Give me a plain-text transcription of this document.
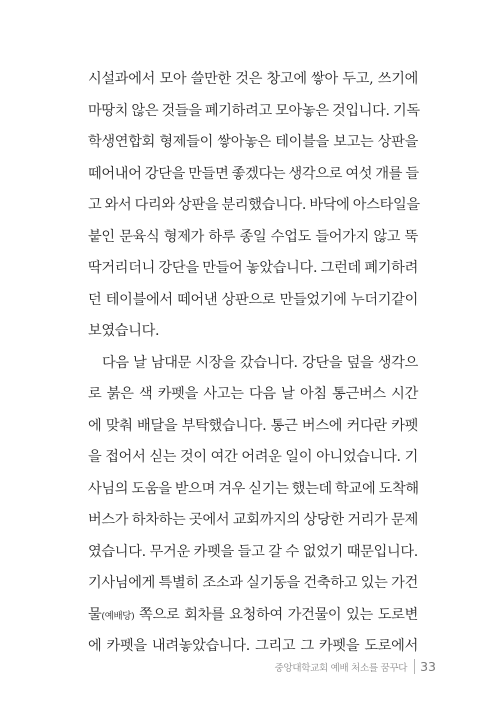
시설과에서 모아 쓸만한 것은 창고에 쌓아 두고, 쓰기에
마땅치 않은 것들을 폐기하려고 모아놓은 것입니다. 기독
학생연합회 형제들이 쌓아놓은 테이블을 보고는 상판을
떼어내어 강단을 만들면 좋겠다는 생각으로 여섯 개를 들
고 와서 다리와 상판을 분리했습니다. 바닥에 아스타일을
붙인 문육식 형제가 하루 종일 수업도 들어가지 않고 뚝
딱거리더니 강단을 만들어 놓았습니다. 그런데 폐기하려
던 테이블에서 떼어낸 상판으로 만들었기에 누더기같이
보였습니다.
다음 날 남대문 시장을 갔습니다. 강단을 덮을 생각으
로 붉은 색 카펫을 사고는 다음 날 아침 통근버스 시간
에 맞춰 배달을 부탁했습니다. 통근 버스에 커다란 카펫
을 접어서 싣는 것이 여간 어려운 일이 아니었습니다. 기
사님의 도움을 받으며 겨우 싣기는 했는데 학교에 도착해
버스가 하차하는 곳에서 교회까지의 상당한 거리가 문제
였습니다. 무거운 카펫을 들고 갈 수 없었기 때문입니다.
기사님에게 특별히 조소과 실기동을 건축하고 있는 가건
물(예배당) 쪽으로 회차를 요청하여 가건물이 있는 도로변
에 카펫을 내려놓았습니다. 그리고 그 카펫을 도로에서
중앙대학교회 예배 처소를 꿈꾸다 33
